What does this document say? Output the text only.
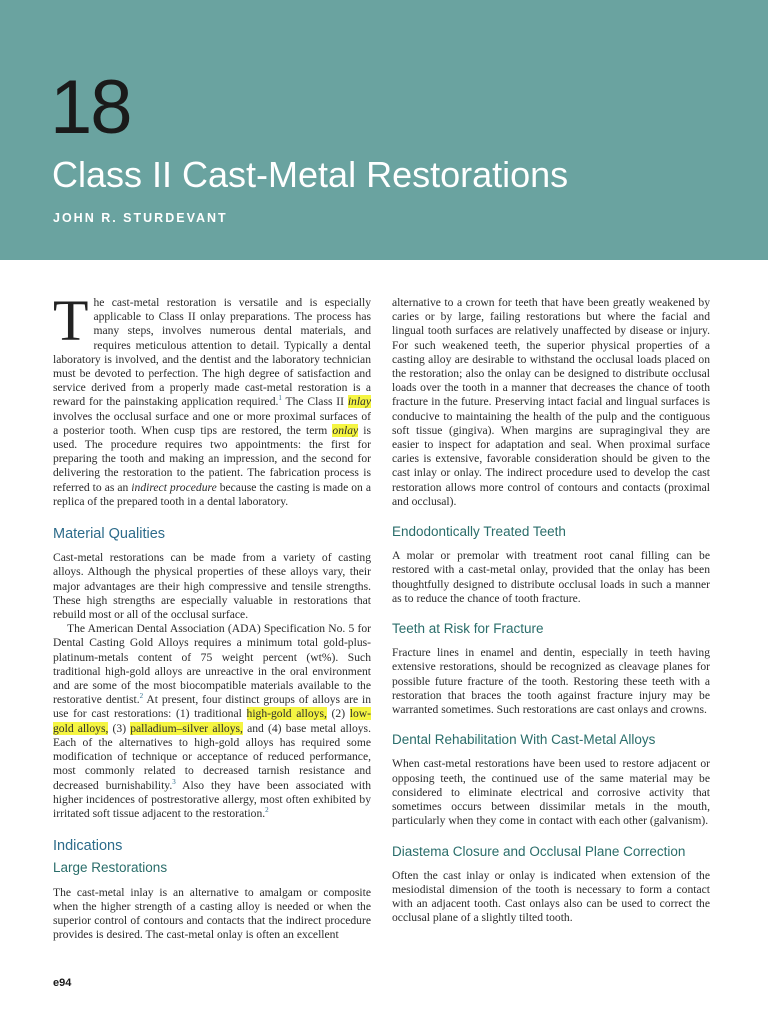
18
Class II Cast-Metal Restorations
JOHN R. STURDEVANT

The cast-metal restoration is versatile and is especially applicable to Class II onlay preparations. The process has many steps, involves numerous dental materials, and requires meticulous attention to detail. Typically a dental laboratory is involved, and the dentist and the laboratory technician must be devoted to perfection. The high degree of satisfaction and service derived from a properly made cast-metal restoration is a reward for the painstaking application required.$^1$ The Class II inlay involves the occlusal surface and one or more proximal surfaces of a posterior tooth. When cusp tips are restored, the term onlay is used. The procedure requires two appointments: the first for preparing the tooth and making an impression, and the second for delivering the restoration to the patient. The fabrication process is referred to as an indirect procedure because the casting is made on a replica of the prepared tooth in a dental laboratory.

Material Qualities

Cast-metal restorations can be made from a variety of casting alloys. Although the physical properties of these alloys vary, their major advantages are their high compressive and tensile strengths. These high strengths are especially valuable in restorations that rebuild most or all of the occlusal surface.

The American Dental Association (ADA) Specification No. 5 for Dental Casting Gold Alloys requires a minimum total gold-plus-platinum-metals content of 75 weight percent (wt%). Such traditional high-gold alloys are unreactive in the oral environment and are some of the most biocompatible materials available to the restorative dentist.$^2$ At present, four distinct groups of alloys are in use for cast restorations: (1) traditional high-gold alloys, (2) low-gold alloys, (3) palladium–silver alloys, and (4) base metal alloys. Each of the alternatives to high-gold alloys has required some modification of technique or acceptance of reduced performance, most commonly related to decreased tarnish resistance and decreased burnishability.$^3$ Also they have been associated with higher incidences of postrestorative allergy, most often exhibited by irritated soft tissue adjacent to the restoration.$^2$

Indications
Large Restorations

The cast-metal inlay is an alternative to amalgam or composite when the higher strength of a casting alloy is needed or when the superior control of contours and contacts that the indirect procedure provides is desired. The cast-metal onlay is often an excellent

alternative to a crown for teeth that have been greatly weakened by caries or by large, failing restorations but where the facial and lingual tooth surfaces are relatively unaffected by disease or injury. For such weakened teeth, the superior physical properties of a casting alloy are desirable to withstand the occlusal loads placed on the restoration; also the onlay can be designed to distribute occlusal loads over the tooth in a manner that decreases the chance of tooth fracture in the future. Preserving intact facial and lingual surfaces is conducive to maintaining the health of the pulp and the contiguous soft tissue (gingiva). When margins are supragingival they are easier to inspect for adaptation and seal. When proximal surface caries is extensive, favorable consideration should be given to the cast inlay or onlay. The indirect procedure used to develop the cast restoration allows more control of contours and contacts (proximal and occlusal).

Endodontically Treated Teeth

A molar or premolar with treatment root canal filling can be restored with a cast-metal onlay, provided that the onlay has been thoughtfully designed to distribute occlusal loads in such a manner as to reduce the chance of tooth fracture.

Teeth at Risk for Fracture

Fracture lines in enamel and dentin, especially in teeth having extensive restorations, should be recognized as cleavage planes for possible future fracture of the tooth. Restoring these teeth with a restoration that braces the tooth against fracture injury may be warranted sometimes. Such restorations are cast onlays and crowns.

Dental Rehabilitation With Cast-Metal Alloys

When cast-metal restorations have been used to restore adjacent or opposing teeth, the continued use of the same material may be considered to eliminate electrical and corrosive activity that sometimes occurs between dissimilar metals in the mouth, particularly when they come in contact with each other (galvanism).

Diastema Closure and Occlusal Plane Correction

Often the cast inlay or onlay is indicated when extension of the mesiodistal dimension of the tooth is necessary to form a contact with an adjacent tooth. Cast onlays also can be used to correct the occlusal plane of a slightly tilted tooth.

e94
